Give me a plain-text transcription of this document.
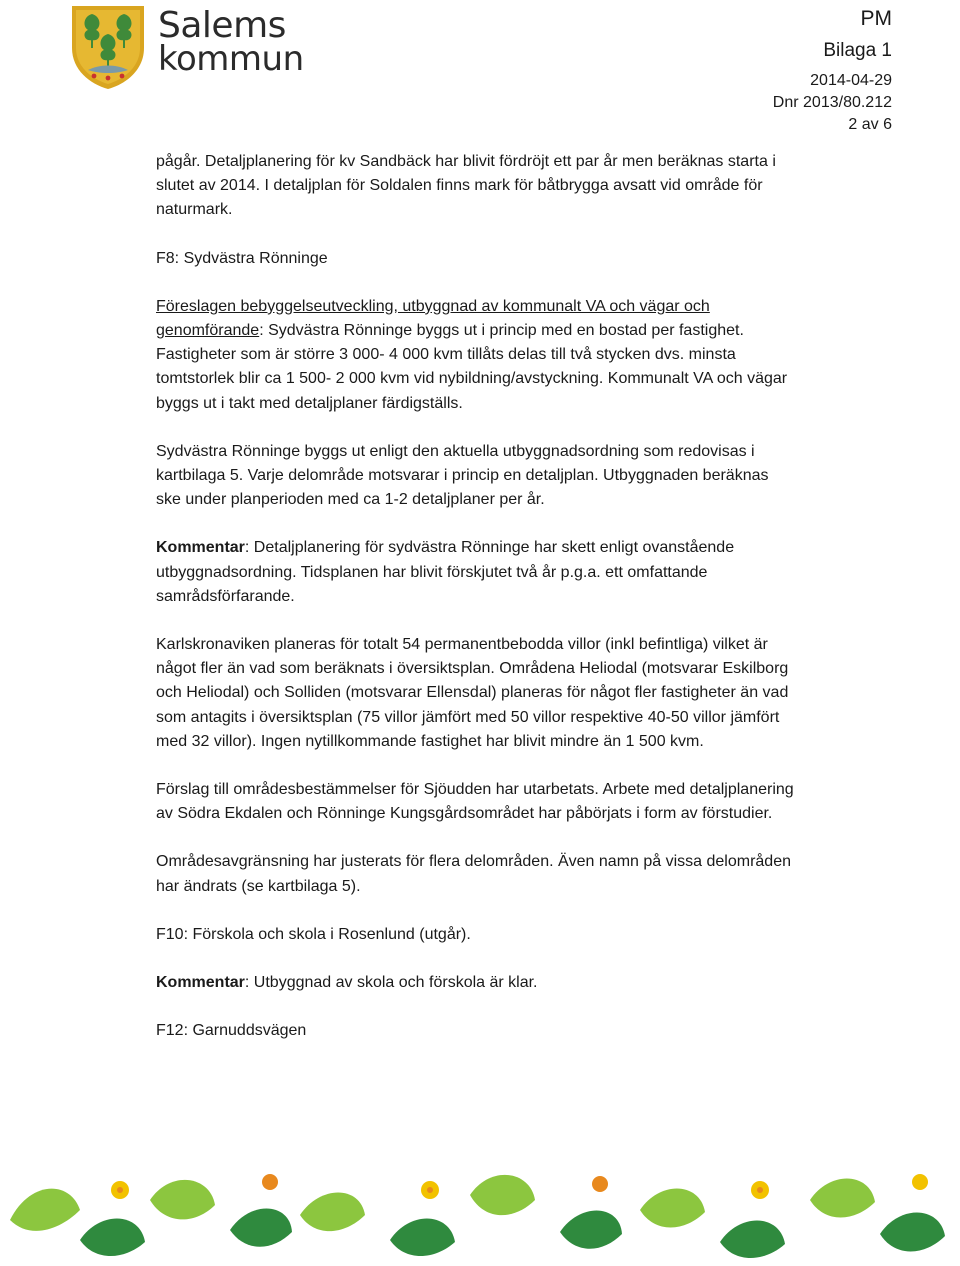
Salems
kommun
PM
Bilaga 1
2014-04-29
Dnr 2013/80.212
2 av 6

pågår. Detaljplanering för kv Sandbäck har blivit fördröjt ett par år men beräknas starta i slutet av 2014. I detaljplan för Soldalen finns mark för båtbrygga avsatt vid område för naturmark.

F8: Sydvästra Rönninge

Föreslagen bebyggelseutveckling, utbyggnad av kommunalt VA och vägar och genomförande: Sydvästra Rönninge byggs ut i princip med en bostad per fastighet. Fastigheter som är större 3 000- 4 000 kvm tillåts delas till två stycken dvs. minsta tomtstorlek blir ca 1 500- 2 000 kvm vid nybildning/avstyckning. Kommunalt VA och vägar byggs ut i takt med detaljplaner färdigställs.

Sydvästra Rönninge byggs ut enligt den aktuella utbyggnadsordning som redovisas i kartbilaga 5. Varje delområde motsvarar i princip en detaljplan. Utbyggnaden beräknas ske under planperioden med ca 1-2 detaljplaner per år.

Kommentar: Detaljplanering för sydvästra Rönninge har skett enligt ovanstående utbyggnadsordning. Tidsplanen har blivit förskjutet två år p.g.a. ett omfattande samrådsförfarande.

Karlskronaviken planeras för totalt 54 permanentbebodda villor (inkl befintliga) vilket är något fler än vad som beräknats i översiktsplan. Områdena Heliodal (motsvarar Eskilborg och Heliodal) och Solliden (motsvarar Ellensdal) planeras för något fler fastigheter än vad som antagits i översiktsplan (75 villor jämfört med 50 villor respektive 40-50 villor jämfört med 32 villor). Ingen nytillkommande fastighet har blivit mindre än 1 500 kvm.

Förslag till områdesbestämmelser för Sjöudden har utarbetats. Arbete med detaljplanering av Södra Ekdalen och Rönninge Kungsgårdsområdet har påbörjats i form av förstudier.

Områdesavgränsning har justerats för flera delområden. Även namn på vissa delområden har ändrats (se kartbilaga 5).

F10: Förskola och skola i Rosenlund (utgår).

Kommentar: Utbyggnad av skola och förskola är klar.

F12: Garnuddsvägen
